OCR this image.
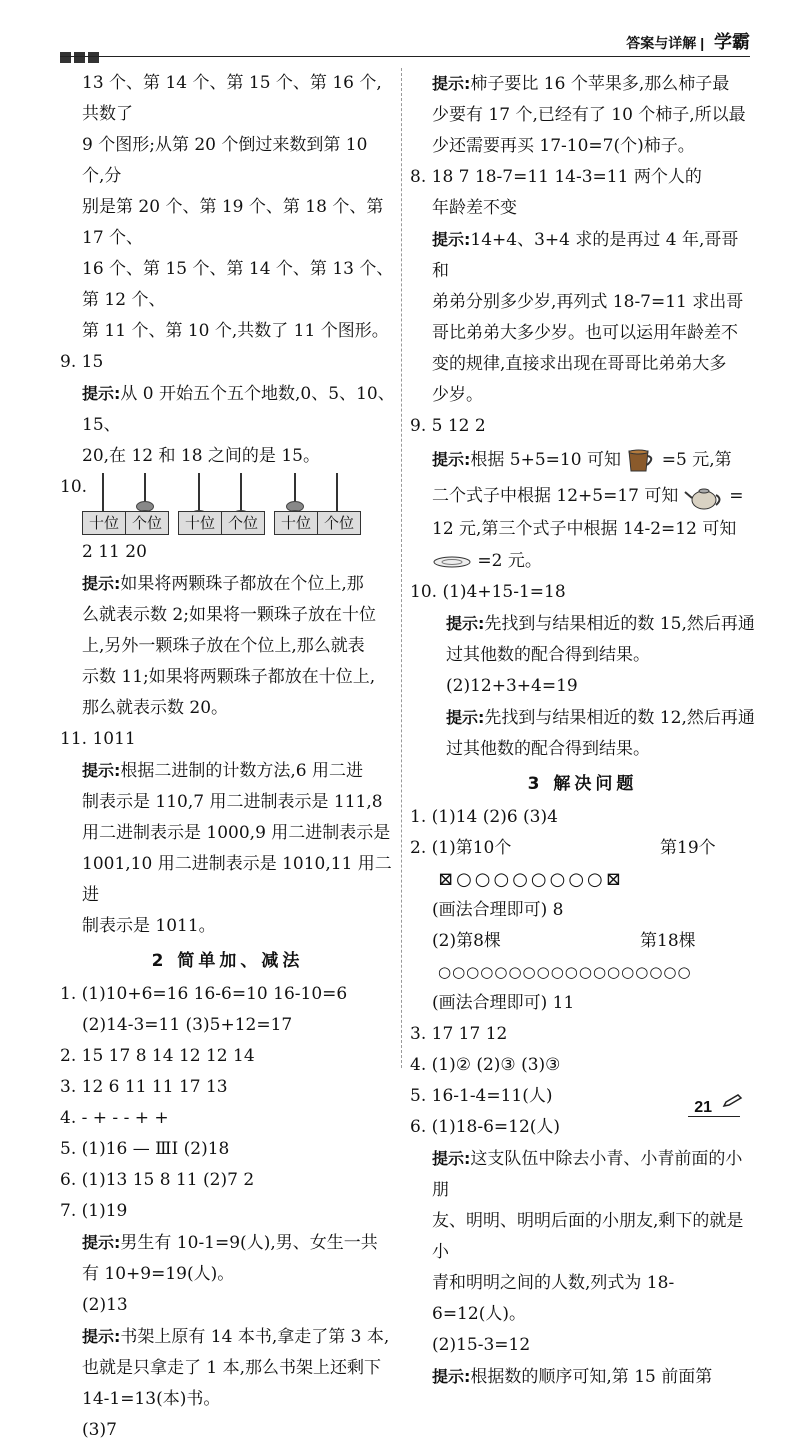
答案与详解 | 学霸

13 个、第 14 个、第 15 个、第 16 个,共数了

9 个图形;从第 20 个倒过来数到第 10 个,分

别是第 20 个、第 19 个、第 18 个、第 17 个、

16 个、第 15 个、第 14 个、第 13 个、第 12 个、

第 11 个、第 10 个,共数了 11 个图形。

9. 15

提示:从 0 开始五个五个地数,0、5、10、15、

20,在 12 和 18 之间的是 15。

10.

十位 个位	十位 个位	十位 个位

2 11 20

提示:如果将两颗珠子都放在个位上,那

么就表示数 2;如果将一颗珠子放在十位

上,另外一颗珠子放在个位上,那么就表

示数 11;如果将两颗珠子都放在十位上,

那么就表示数 20。

11. 1011

提示:根据二进制的计数方法,6 用二进

制表示是 110,7 用二进制表示是 111,8

用二进制表示是 1000,9 用二进制表示是

1001,10 用二进制表示是 1010,11 用二进

制表示是 1011。

2 简单加、减法

1. (1)10+6=16 16-6=10 16-10=6

(2)14-3=11 (3)5+12=17

2. 15 17 8 14 12 12 14

3. 12 6 11 11 17 13

4. - + - - + +

5. (1)16 — ⅢⅠ (2)18

6. (1)13 15 8 11 (2)7 2

7. (1)19

提示:男生有 10-1=9(人),男、女生一共

有 10+9=19(人)。

(2)13

提示:书架上原有 14 本书,拿走了第 3 本,

也就是只拿走了 1 本,那么书架上还剩下

14-1=13(本)书。

(3)7

提示:柿子要比 16 个苹果多,那么柿子最

少要有 17 个,已经有了 10 个柿子,所以最

少还需要再买 17-10=7(个)柿子。

8. 18 7 18-7=11 14-3=11 两个人的

年龄差不变

提示:14+4、3+4 求的是再过 4 年,哥哥和

弟弟分别多少岁,再列式 18-7=11 求出哥

哥比弟弟大多少岁。也可以运用年龄差不

变的规律,直接求出现在哥哥比弟弟大多

少岁。

9. 5 12 2

提示:根据 5+5=10 可知 =5 元,第

二个式子中根据 12+5=17 可知	=

12 元,第三个式子中根据 14-2=12 可知

=2 元。

10. (1)4+15-1=18

提示:先找到与结果相近的数 15,然后再通

过其他数的配合得到结果。

(2)12+3+4=19

提示:先找到与结果相近的数 12,然后再通

过其他数的配合得到结果。

3 解决问题

1. (1)14 (2)6 (3)4

2. (1)第10个	第19个

⊠○○○○○○○○⊠

(画法合理即可) 8

(2)第8棵	第18棵

○○○○○○○○○○○○○○○○○○

(画法合理即可) 11

3. 17 17 12

4. (1)② (2)③ (3)③

5. 16-1-4=11(人)

6. (1)18-6=12(人)

提示:这支队伍中除去小青、小青前面的小朋

友、明明、明明后面的小朋友,剩下的就是小

青和明明之间的人数,列式为 18-6=12(人)。

(2)15-3=12

提示:根据数的顺序可知,第 15 前面第

21
